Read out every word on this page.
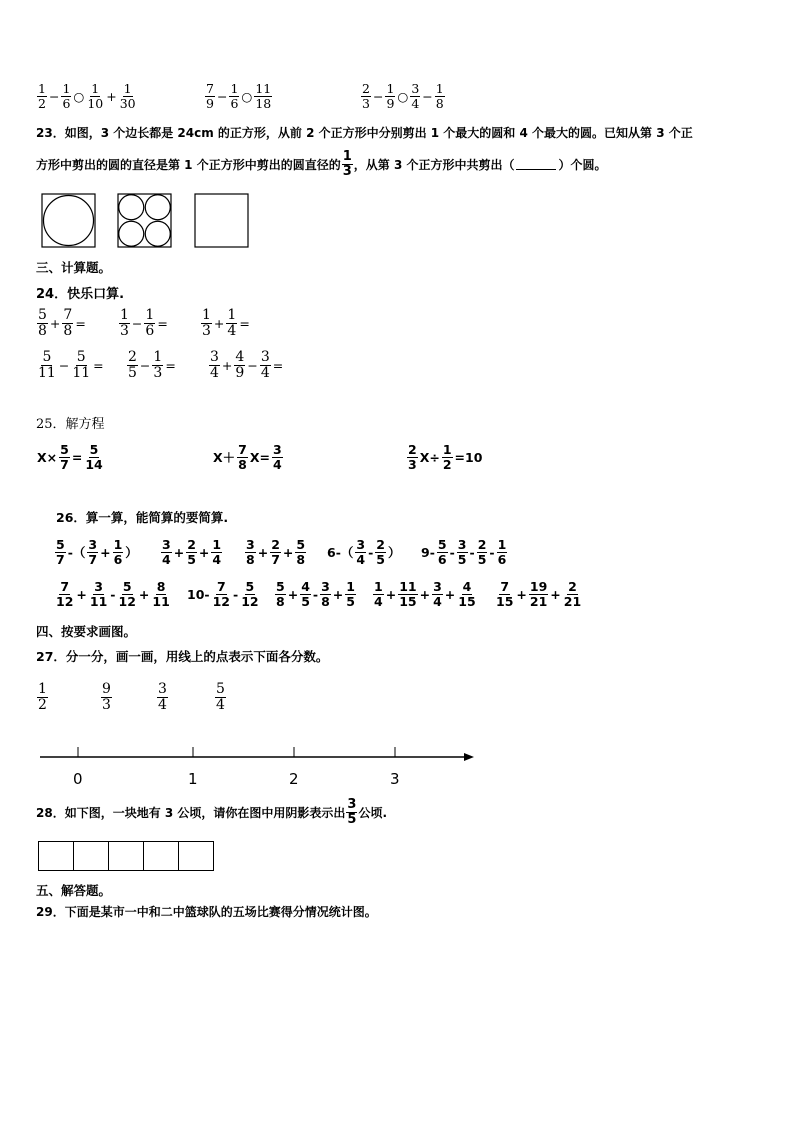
$\frac{1}{2} - \frac{1}{6}$ ○ $\frac{1}{10} + \frac{1}{30}$	$\frac{7}{9} - \frac{1}{6}$ ○ $\frac{11}{18}$	$\frac{2}{3} - \frac{1}{9}$ ○ $\frac{3}{4} - \frac{1}{8}$
23．如图，3 个边长都是 24cm 的正方形，从前 2 个正方形中分别剪出 1 个最大的圆和 4 个最大的圆。已知从第 3 个正
方形中剪出的圆的直径是第 1 个正方形中剪出的圆直径的 $\frac{1}{3}$ ，从第 3 个正方形中共剪出（	）个圆。
三、计算题。
24．快乐口算.
$\frac{5}{8} + \frac{7}{8} = \frac{1}{3} - \frac{1}{6} = \frac{1}{3} + \frac{1}{4}$ =
$\frac{5}{11} - \frac{5}{11} = \frac{2}{5} - \frac{1}{3} = \frac{3}{4} + \frac{4}{9} - \frac{3}{4}$ =
25．解方程
$X\times \frac{5}{7} = \frac{5}{14}$	$X+ \frac{7}{8} X= \frac{3}{4}$	$\frac{2}{3} X\div \frac{1}{2} =10$
26．算一算，能简算的要简算.
$\frac{5}{7}$ -（ $\frac{3}{7} + \frac{1}{6}$ ） $\frac{3}{4} + \frac{2}{5} + \frac{1}{4} \frac{3}{8} + \frac{2}{7} + \frac{5}{8} 6-( \frac{3}{4} - \frac{2}{5}$ ） $9- \frac{5}{6} - \frac{3}{5} - \frac{2}{5} - \frac{1}{6}$
$\frac{7}{12} + \frac{3}{11} - \frac{5}{12} + \frac{8}{11} 10- \frac{7}{12} - \frac{5}{12} \frac{5}{8} + \frac{4}{5} - \frac{3}{8} + \frac{1}{5} \frac{1}{4} + \frac{11}{15} + \frac{3}{4} + \frac{4}{15} \frac{7}{15} + \frac{19}{21} + \frac{2}{21}$
四、按要求画图。
27．分一分，画一画，用线上的点表示下面各分数。
$\frac{1}{2}$	$\frac{9}{3}$	$\frac{3}{4}$	$\frac{5}{4}$
0	1	2	3
28．如下图，一块地有 3 公顷，请你在图中用阴影表示出 $\frac{3}{5}$ 公顷.
五、解答题。
29．下面是某市一中和二中篮球队的五场比赛得分情况统计图。
